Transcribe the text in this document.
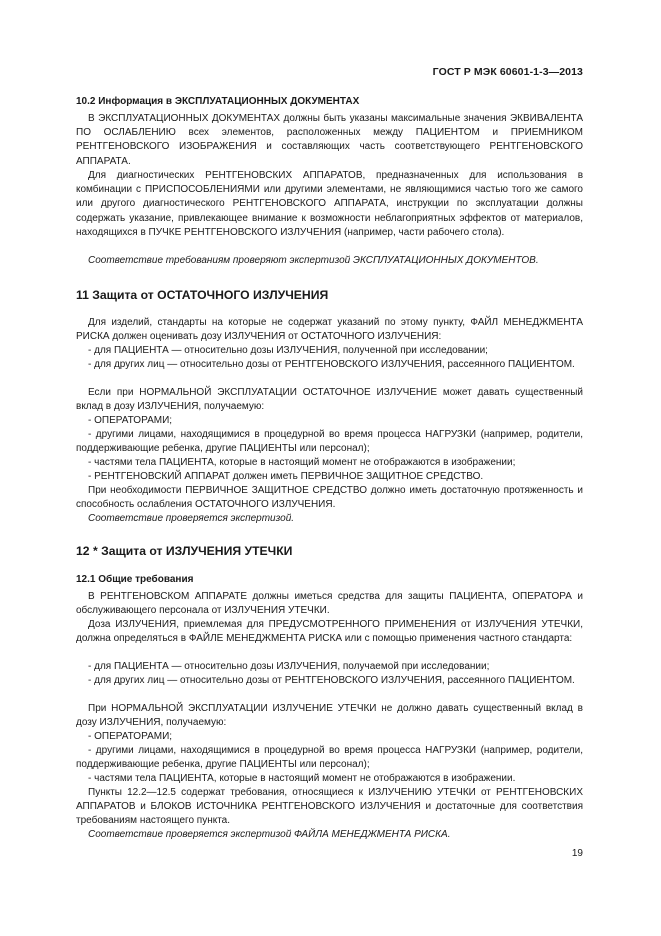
ГОСТ Р МЭК 60601-1-3—2013
10.2 Информация в ЭКСПЛУАТАЦИОННЫХ ДОКУМЕНТАХ

В ЭКСПЛУАТАЦИОННЫХ ДОКУМЕНТАХ должны быть указаны максимальные значения ЭКВИВАЛЕНТА ПО ОСЛАБЛЕНИЮ всех элементов, расположенных между ПАЦИЕНТОМ и ПРИЕМНИКОМ РЕНТГЕНОВСКОГО ИЗОБРАЖЕНИЯ и составляющих часть соответствующего РЕНТГЕНОВСКОГО АППАРАТА.

Для диагностических РЕНТГЕНОВСКИХ АППАРАТОВ, предназначенных для использования в комбинации с ПРИСПОСОБЛЕНИЯМИ или другими элементами, не являющимися частью того же самого или другого диагностического РЕНТГЕНОВСКОГО АППАРАТА, инструкции по эксплуатации должны содержать указание, привлекающее внимание к возможности неблагоприятных эффектов от материалов, находящихся в ПУЧКЕ РЕНТГЕНОВСКОГО ИЗЛУЧЕНИЯ (например, части рабочего стола).

Соответствие требованиям проверяют экспертизой ЭКСПЛУАТАЦИОННЫХ ДОКУМЕНТОВ.

11 Защита от ОСТАТОЧНОГО ИЗЛУЧЕНИЯ

Для изделий, стандарты на которые не содержат указаний по этому пункту, ФАЙЛ МЕНЕДЖМЕНТА РИСКА должен оценивать дозу ИЗЛУЧЕНИЯ от ОСТАТОЧНОГО ИЗЛУЧЕНИЯ:

- для ПАЦИЕНТА — относительно дозы ИЗЛУЧЕНИЯ, полученной при исследовании;

- для других лиц — относительно дозы от РЕНТГЕНОВСКОГО ИЗЛУЧЕНИЯ, рассеянного ПАЦИЕНТОМ.

Если при НОРМАЛЬНОЙ ЭКСПЛУАТАЦИИ ОСТАТОЧНОЕ ИЗЛУЧЕНИЕ может давать существенный вклад в дозу ИЗЛУЧЕНИЯ, получаемую:

- ОПЕРАТОРАМИ;

- другими лицами, находящимися в процедурной во время процесса НАГРУЗКИ (например, родители, поддерживающие ребенка, другие ПАЦИЕНТЫ или персонал);

- частями тела ПАЦИЕНТА, которые в настоящий момент не отображаются в изображении;

- РЕНТГЕНОВСКИЙ АППАРАТ должен иметь ПЕРВИЧНОЕ ЗАЩИТНОЕ СРЕДСТВО.

При необходимости ПЕРВИЧНОЕ ЗАЩИТНОЕ СРЕДСТВО должно иметь достаточную протяженность и способность ослабления ОСТАТОЧНОГО ИЗЛУЧЕНИЯ.

Соответствие проверяется экспертизой.

12 * Защита от ИЗЛУЧЕНИЯ УТЕЧКИ
12.1 Общие требования

В РЕНТГЕНОВСКОМ АППАРАТЕ должны иметься средства для защиты ПАЦИЕНТА, ОПЕРАТОРА и обслуживающего персонала от ИЗЛУЧЕНИЯ УТЕЧКИ.

Доза ИЗЛУЧЕНИЯ, приемлемая для ПРЕДУСМОТРЕННОГО ПРИМЕНЕНИЯ от ИЗЛУЧЕНИЯ УТЕЧКИ, должна определяться в ФАЙЛЕ МЕНЕДЖМЕНТА РИСКА или с помощью применения частного стандарта:

- для ПАЦИЕНТА — относительно дозы ИЗЛУЧЕНИЯ, получаемой при исследовании;

- для других лиц — относительно дозы от РЕНТГЕНОВСКОГО ИЗЛУЧЕНИЯ, рассеянного ПАЦИЕНТОМ.

При НОРМАЛЬНОЙ ЭКСПЛУАТАЦИИ ИЗЛУЧЕНИЕ УТЕЧКИ не должно давать существенный вклад в дозу ИЗЛУЧЕНИЯ, получаемую:

- ОПЕРАТОРАМИ;

- другими лицами, находящимися в процедурной во время процесса НАГРУЗКИ (например, родители, поддерживающие ребенка, другие ПАЦИЕНТЫ или персонал);

- частями тела ПАЦИЕНТА, которые в настоящий момент не отображаются в изображении.

Пункты 12.2—12.5 содержат требования, относящиеся к ИЗЛУЧЕНИЮ УТЕЧКИ от РЕНТГЕНОВСКИХ АППАРАТОВ и БЛОКОВ ИСТОЧНИКА РЕНТГЕНОВСКОГО ИЗЛУЧЕНИЯ и достаточные для соответствия требованиям настоящего пункта.

Соответствие проверяется экспертизой ФАЙЛА МЕНЕДЖМЕНТА РИСКА.

19
